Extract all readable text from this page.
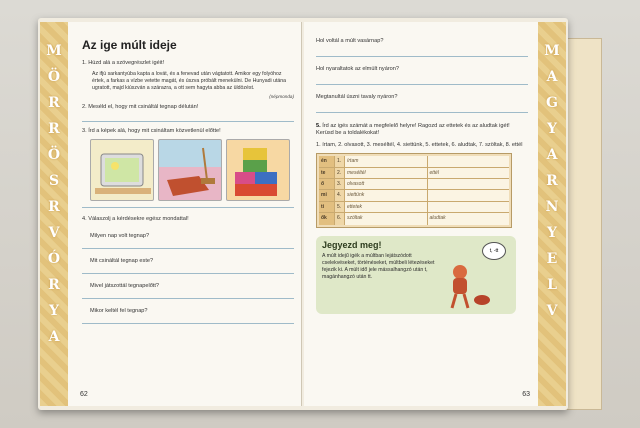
M
Ö
R
R
Ö
S
R
V
Ó
R
Y
A
Az ige múlt ideje
1. Húzd alá a szövegrészlet igéit!
Az ifjú sarkantyúba kapta a lovát, és a fenevad után vágtatott. Amikor egy folyóhoz értek, a farkas a vízbe vetette magát, és úszva próbált menekülni. De Hunyadi utána ugratott, majd kiúszván a szárazra, a ott sem hagyta abba az üldözést.
(népmonda)
2. Meséld el, hogy mit csináltál tegnap délután!
3. Írd a képek alá, hogy mit csináltam közvetlenül előtte!
4. Válaszolj a kérdésekre egész mondattal!
Milyen nap volt tegnap?
Mit csináltál tegnap este?
Mivel játszottál tegnapelőtt?
Mikor keltél fel tegnap?
62
Hol voltál a múlt vasárnap?
Hol nyaraltatok az elmúlt nyáron?
Megtanultál úszni tavaly nyáron?
5. Írd az igés számát a megfelelő helyre! Ragozd az ettetek és az aludtak igét! Kerüsd be a toldalékokat!
1. írtam, 2. olvasott, 3. meséltél, 4. siettünk, 5. ettetek, 6. aludtak, 7. szöltak, 8. ettél
én	1.	írtam
te	2.	meséltél	ettél
ő	3.	olvasott
mi	4.	siettünk
ti	5.	ettetek
ők	6.	szóltak	aludtak
Jegyezd meg!
A múlt idejű igék a múltban lejátszódott cselekvéseket, történéseket, múltbeli létezéseket fejezik ki. A múlt idő jele mássalhangzó után t, magánhangzó után tt.
t, -tt
63
M
A
G
Y
A
R
N
Y
E
L
V
